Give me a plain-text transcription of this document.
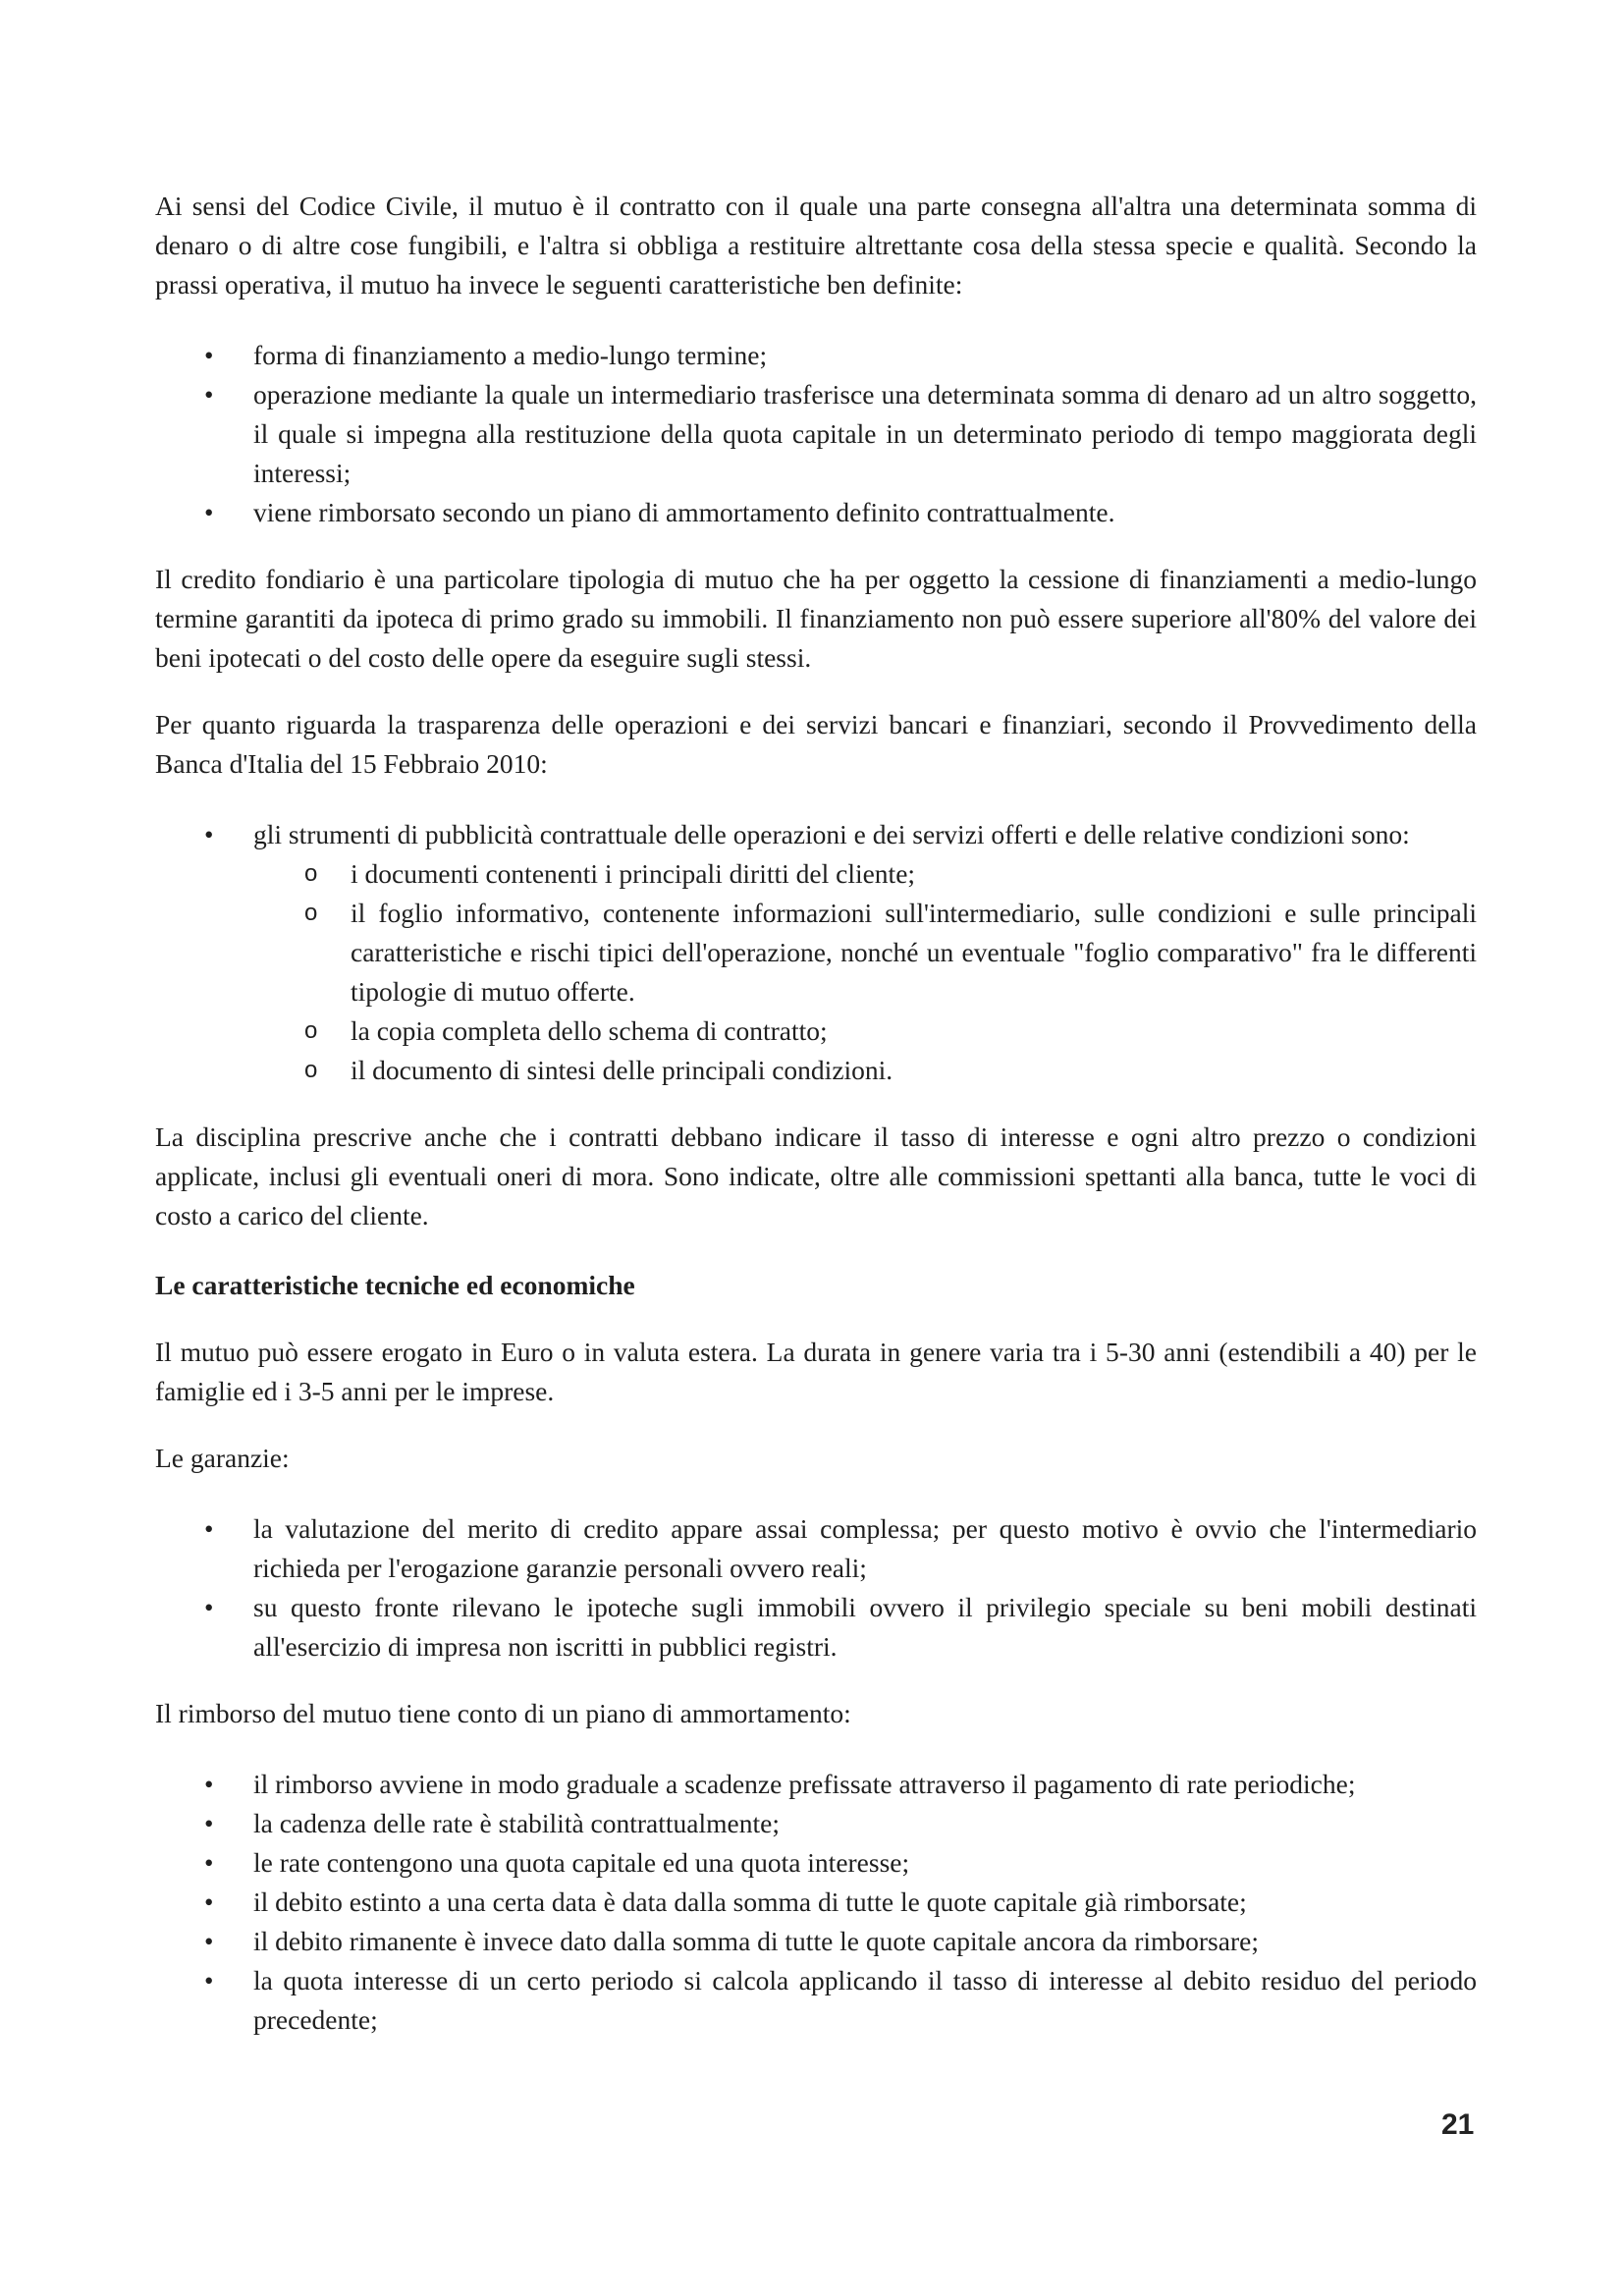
Ai sensi del Codice Civile, il mutuo è il contratto con il quale una parte consegna all'altra una determinata somma di denaro o di altre cose fungibili, e l'altra si obbliga a restituire altrettante cosa della stessa specie e qualità. Secondo la prassi operativa, il mutuo ha invece le seguenti caratteristiche ben definite:

• forma di finanziamento a medio-lungo termine;
• operazione mediante la quale un intermediario trasferisce una determinata somma di denaro ad un altro soggetto, il quale si impegna alla restituzione della quota capitale in un determinato periodo di tempo maggiorata degli interessi;
• viene rimborsato secondo un piano di ammortamento definito contrattualmente.

Il credito fondiario è una particolare tipologia di mutuo che ha per oggetto la cessione di finanziamenti a medio-lungo termine garantiti da ipoteca di primo grado su immobili. Il finanziamento non può essere superiore all'80% del valore dei beni ipotecati o del costo delle opere da eseguire sugli stessi.

Per quanto riguarda la trasparenza delle operazioni e dei servizi bancari e finanziari, secondo il Provvedimento della Banca d'Italia del 15 Febbraio 2010:

• gli strumenti di pubblicità contrattuale delle operazioni e dei servizi offerti e delle relative condizioni sono:
o i documenti contenenti i principali diritti del cliente;
o il foglio informativo, contenente informazioni sull'intermediario, sulle condizioni e sulle principali caratteristiche e rischi tipici dell'operazione, nonché un eventuale "foglio comparativo" fra le differenti tipologie di mutuo offerte.
o la copia completa dello schema di contratto;
o il documento di sintesi delle principali condizioni.

La disciplina prescrive anche che i contratti debbano indicare il tasso di interesse e ogni altro prezzo o condizioni applicate, inclusi gli eventuali oneri di mora. Sono indicate, oltre alle commissioni spettanti alla banca, tutte le voci di costo a carico del cliente.

Le caratteristiche tecniche ed economiche

Il mutuo può essere erogato in Euro o in valuta estera. La durata in genere varia tra i 5-30 anni (estendibili a 40) per le famiglie ed i 3-5 anni per le imprese.

Le garanzie:

• la valutazione del merito di credito appare assai complessa; per questo motivo è ovvio che l'intermediario richieda per l'erogazione garanzie personali ovvero reali;
• su questo fronte rilevano le ipoteche sugli immobili ovvero il privilegio speciale su beni mobili destinati all'esercizio di impresa non iscritti in pubblici registri.

Il rimborso del mutuo tiene conto di un piano di ammortamento:

• il rimborso avviene in modo graduale a scadenze prefissate attraverso il pagamento di rate periodiche;
• la cadenza delle rate è stabilità contrattualmente;
• le rate contengono una quota capitale ed una quota interesse;
• il debito estinto a una certa data è data dalla somma di tutte le quote capitale già rimborsate;
• il debito rimanente è invece dato dalla somma di tutte le quote capitale ancora da rimborsare;
• la quota interesse di un certo periodo si calcola applicando il tasso di interesse al debito residuo del periodo precedente;
21
